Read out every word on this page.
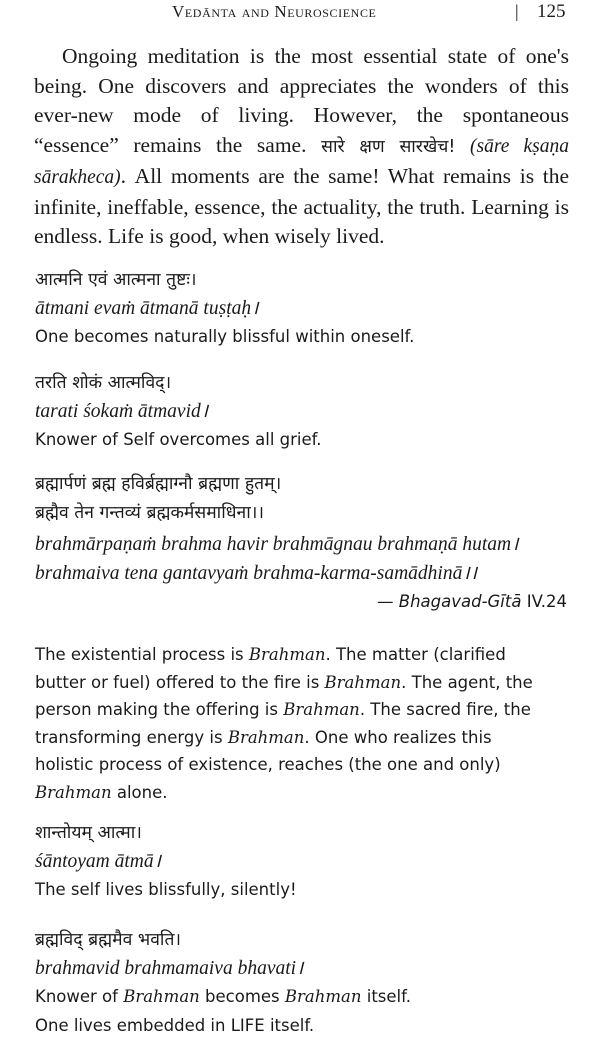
Vedānta and Neuroscience	| 125
Ongoing meditation is the most essential state of one's being. One discovers and appreciates the wonders of this ever-new mode of living. However, the spontaneous “essence” remains the same. सारे क्षण सारखेच! (sāre kṣaṇa sārakheca). All moments are the same! What remains is the infinite, ineffable, essence, the actuality, the truth. Learning is endless. Life is good, when wisely lived.
आत्मनि एवं आत्मना तुष्टः।
ātmani evaṁ ātmanā tuṣṭaḥ।
One becomes naturally blissful within oneself.
तरति शोकं आत्मविद्।
tarati śokaṁ ātmavid।
Knower of Self overcomes all grief.
ब्रह्मार्पणं ब्रह्म हविर्ब्रह्माग्नौ ब्रह्मणा हुतम्।
ब्रह्मैव तेन गन्तव्यं ब्रह्मकर्मसमाधिना।।
brahmārpaṇaṁ brahma havir brahmāgnau brahmaṇā hutam।
brahmaiva tena gantavyaṁ brahma-karma-samādhinā।।
— Bhagavad-Gītā IV.24
The existential process is Brahman. The matter (clarified
butter or fuel) offered to the fire is Brahman. The agent, the
person making the offering is Brahman. The sacred fire, the
transforming energy is Brahman. One who realizes this
holistic process of existence, reaches (the one and only)
Brahman alone.
शान्तोयम् आत्मा।
śāntoyam ātmā।
The self lives blissfully, silently!
ब्रह्मविद् ब्रह्ममैव भवति।
brahmavid brahmamaiva bhavati।
Knower of Brahman becomes Brahman itself.
One lives embedded in LIFE itself.
